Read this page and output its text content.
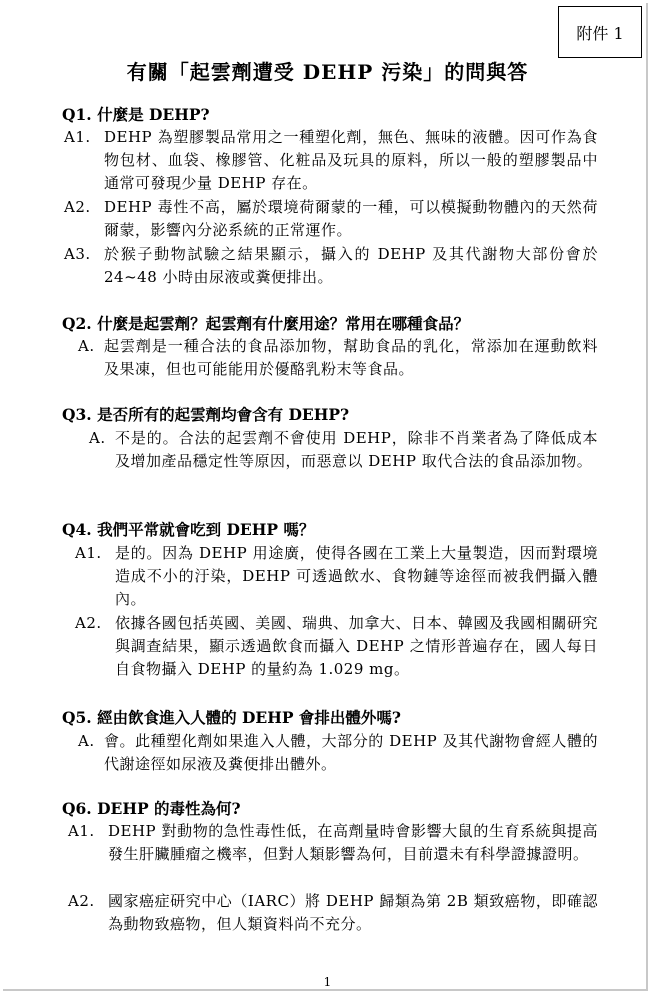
附件 1
有關「起雲劑遭受 DEHP 污染」的問與答
Q1. 什麼是 DEHP?
A1. DEHP 為塑膠製品常用之一種塑化劑，無色、無味的液體。因可作為食物包材、血袋、橡膠管、化粧品及玩具的原料，所以一般的塑膠製品中通常可發現少量 DEHP 存在。
A2. DEHP 毒性不高，屬於環境荷爾蒙的一種，可以模擬動物體內的天然荷爾蒙，影響內分泌系統的正常運作。
A3. 於猴子動物試驗之結果顯示，攝入的 DEHP 及其代謝物大部份會於 24~48 小時由尿液或糞便排出。
Q2. 什麼是起雲劑？起雲劑有什麼用途？常用在哪種食品？
A. 起雲劑是一種合法的食品添加物，幫助食品的乳化，常添加在運動飲料及果凍，但也可能能用於優酪乳粉末等食品。
Q3. 是否所有的起雲劑均會含有 DEHP?
A. 不是的。合法的起雲劑不會使用 DEHP，除非不肖業者為了降低成本及增加產品穩定性等原因，而惡意以 DEHP 取代合法的食品添加物。
Q4. 我們平常就會吃到 DEHP 嗎？
A1. 是的。因為 DEHP 用途廣，使得各國在工業上大量製造，因而對環境造成不小的汙染，DEHP 可透過飲水、食物鏈等途徑而被我們攝入體內。
A2. 依據各國包括英國、美國、瑞典、加拿大、日本、韓國及我國相關研究與調查結果，顯示透過飲食而攝入 DEHP 之情形普遍存在，國人每日自食物攝入 DEHP 的量約為 1.029 mg。
Q5. 經由飲食進入人體的 DEHP 會排出體外嗎?
A. 會。此種塑化劑如果進入人體，大部分的 DEHP 及其代謝物會經人體的代謝途徑如尿液及糞便排出體外。
Q6. DEHP 的毒性為何?
A1. DEHP 對動物的急性毒性低，在高劑量時會影響大鼠的生育系統與提高發生肝臟腫瘤之機率，但對人類影響為何，目前還未有科學證據證明。
A2. 國家癌症研究中心（IARC）將 DEHP 歸類為第 2B 類致癌物，即確認為動物致癌物，但人類資料尚不充分。
1
